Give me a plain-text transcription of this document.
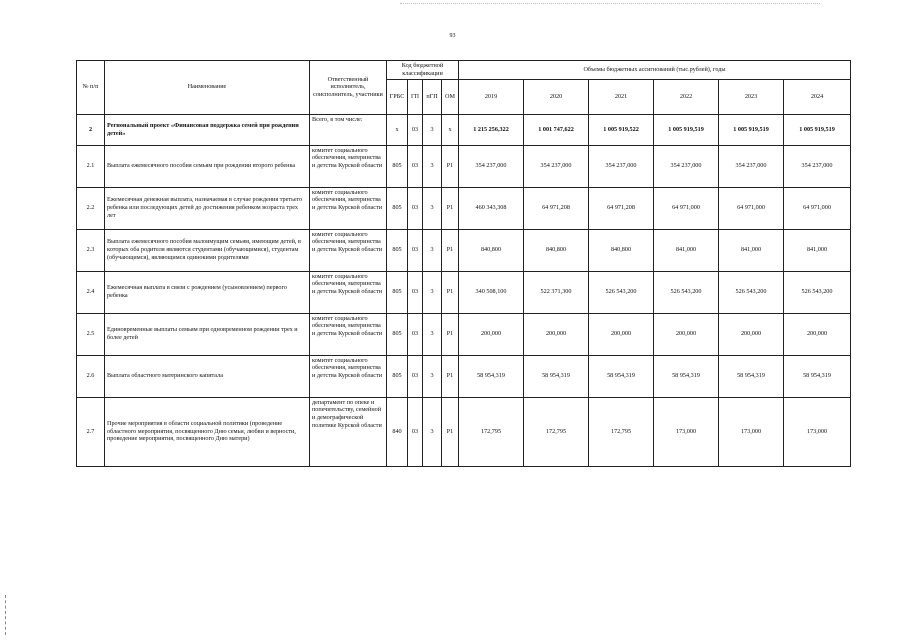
93
№ п/п	Наименование	Ответственный исполнитель, соисполнитель, участники	Код бюджетной классификации				Объемы бюджетных ассигнований (тыс.рублей), годы					
			ГРБС	ГП	пГП	ОМ	2019	2020	2021	2022	2023	2024
2	Региональный проект «Финансовая поддержка семей при рождении детей»	Всего, в том числе:	х	03	3	х	1 215 256,322	1 001 747,622	1 005 919,522	1 005 919,519	1 005 919,519	1 005 919,519
2.1	Выплата ежемесячного пособия семьям при рождении второго ребенка	комитет социального обеспечения, материнства и детства Курской области	805	03	3	Р1	354 237,000	354 237,000	354 237,000	354 237,000	354 237,000	354 237,000
2.2	Ежемесячная денежная выплата, назначаемая в случае рождения третьего ребенка или последующих детей до достижения ребенком возраста трех лет	комитет социального обеспечения, материнства и детства Курской области	805	03	3	Р1	460 343,308	64 971,208	64 971,208	64 971,000	64 971,000	64 971,000
2.3	Выплата ежемесячного пособия малоимущим семьям, имеющим детей, в которых оба родителя являются студентами (обучающимися), студентам (обучающимся), являющимся одинокими родителями	комитет социального обеспечения, материнства и детства Курской области	805	03	3	Р1	840,800	840,800	840,800	841,000	841,000	841,000
2.4	Ежемесячная выплата в связи с рождением (усыновлением) первого ребенка	комитет социального обеспечения, материнства и детства Курской области	805	03	3	Р1	340 508,100	522 371,300	526 543,200	526 543,200	526 543,200	526 543,200
2.5	Единовременные выплаты семьям при одновременном рождении трех и более детей	комитет социального обеспечения, материнства и детства Курской области	805	03	3	Р1	200,000	200,000	200,000	200,000	200,000	200,000
2.6	Выплата областного материнского капитала	комитет социального обеспечения, материнства и детства Курской области	805	03	3	Р1	58 954,319	58 954,319	58 954,319	58 954,319	58 954,319	58 954,319
2.7	Прочие мероприятия в области социальной политики (проведение областного мероприятия, посвященного Дню семьи, любви и верности, проведение мероприятия, посвященного Дню матери)	департамент по опеке и попечительству, семейной и демографической политике Курской области	840	03	3	Р1	172,795	172,795	172,795	173,000	173,000	173,000
